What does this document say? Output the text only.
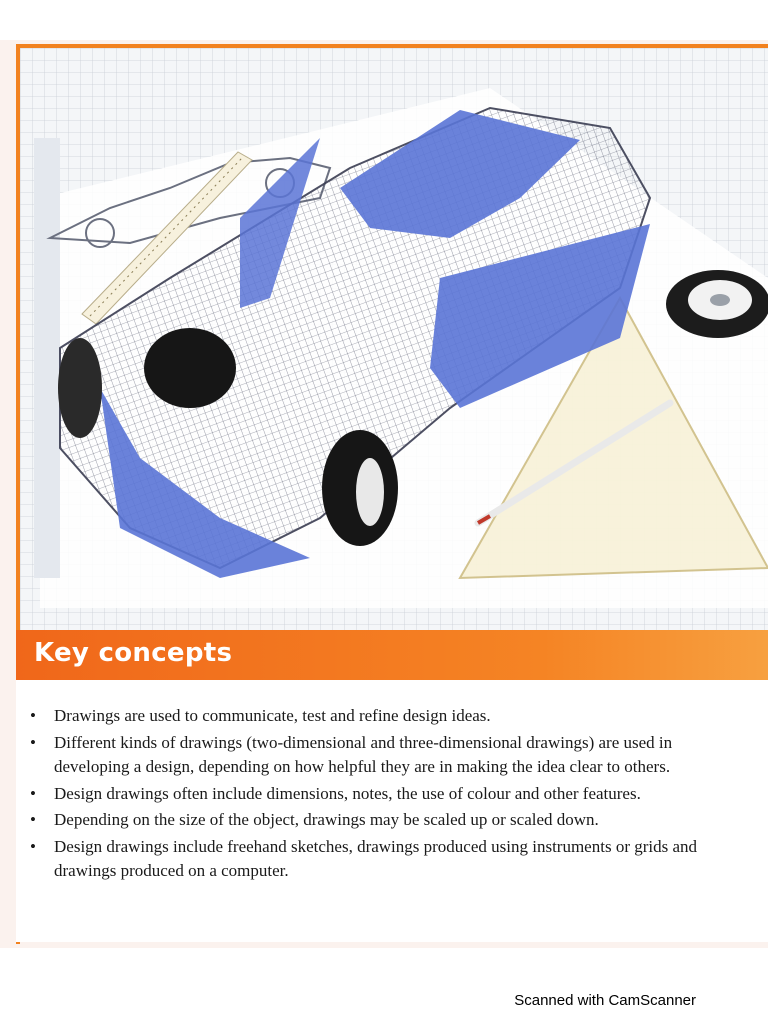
Key concepts
• Drawings are used to communicate, test and refine design ideas.
• Different kinds of drawings (two-dimensional and three-dimensional drawings) are used in developing a design, depending on how helpful they are in making the idea clear to others.
• Design drawings often include dimensions, notes, the use of colour and other features.
• Depending on the size of the object, drawings may be scaled up or scaled down.
• Design drawings include freehand sketches, drawings produced using instruments or grids and drawings produced on a computer.
Scanned with CamScanner
